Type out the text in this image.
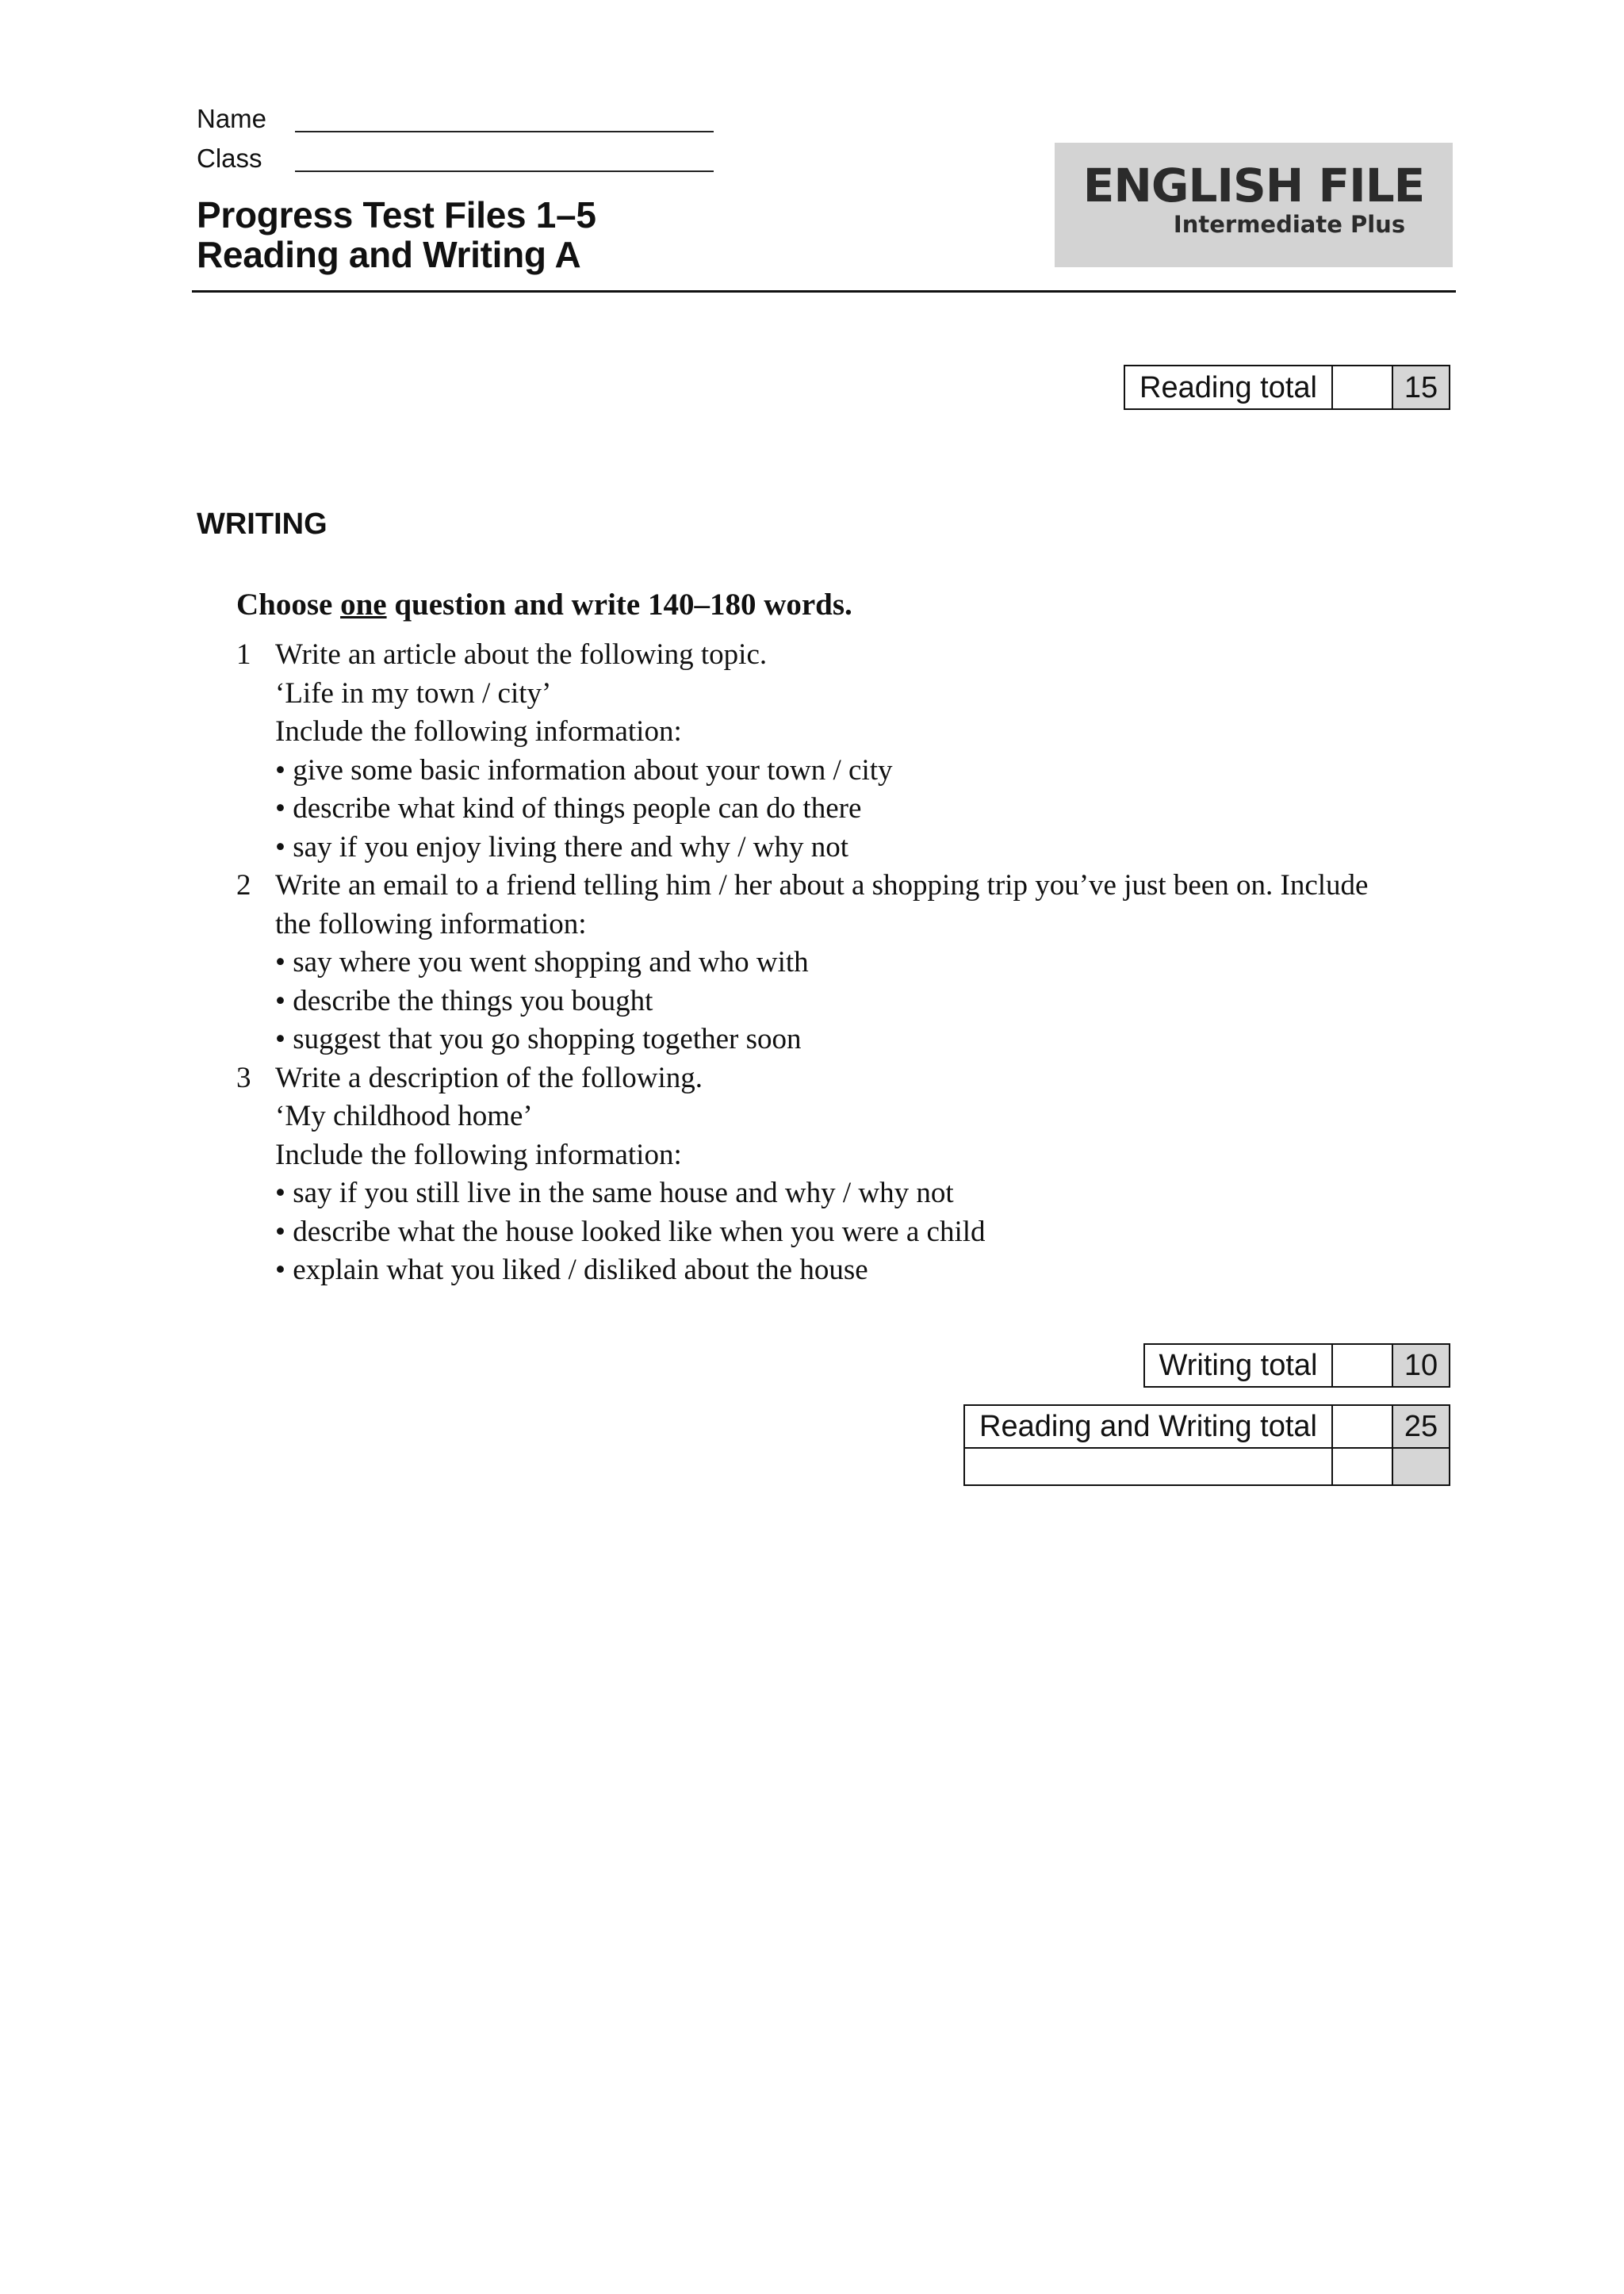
Name
Class
Progress Test Files 1–5
Reading and Writing A
ENGLISH FILE
Intermediate Plus
Reading total	15
WRITING
Choose one question and write 140–180 words.
1 Write an article about the following topic.
‘Life in my town / city’
Include the following information:
• give some basic information about your town / city
• describe what kind of things people can do there
• say if you enjoy living there and why / why not
2 Write an email to a friend telling him / her about a shopping trip you’ve just been on. Include
the following information:
• say where you went shopping and who with
• describe the things you bought
• suggest that you go shopping together soon
3 Write a description of the following.
‘My childhood home’
Include the following information:
• say if you still live in the same house and why / why not
• describe what the house looked like when you were a child
• explain what you liked / disliked about the house
Writing total	10
Reading and Writing total	25
